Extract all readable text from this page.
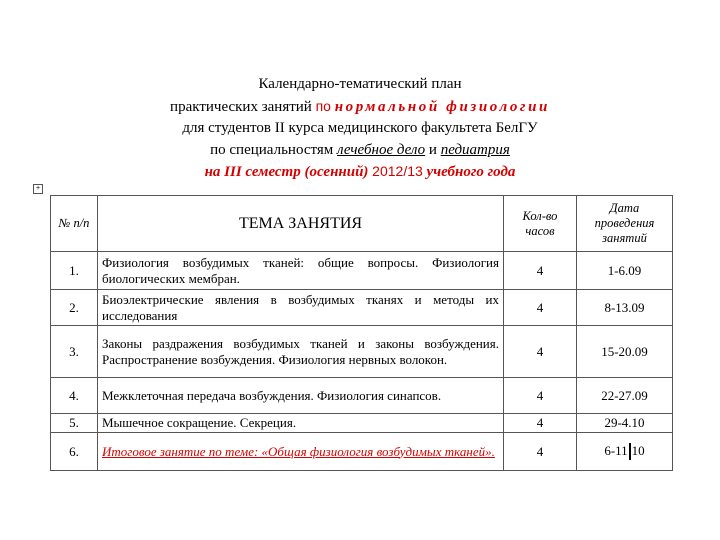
Календарно-тематический план
практических занятий по нормальной физиологии
для студентов II курса медицинского факультета БелГУ
по специальностям лечебное дело и педиатрия
на III семестр (осенний) 2012/13 учебного года
+
№ п/п	ТЕМА ЗАНЯТИЯ	Кол-во часов	Дата проведения занятий
1.	Физиология возбудимых тканей: общие вопросы. Физиология биологических мембран.	4	1-6.09
2.	Биоэлектрические явления в возбудимых тканях и методы их исследования	4	8-13.09
3.	Законы раздражения возбудимых тканей и законы возбуждения. Распространение возбуждения. Физиология нервных волокон.	4	15-20.09
4.	Межклеточная передача возбуждения. Физиология синапсов.	4	22-27.09
5.	Мышечное сокращение. Секреция.	4	29-4.10
6.	Итоговое занятие по теме: «Общая физиология возбудимых тканей».	4	6-11 10
